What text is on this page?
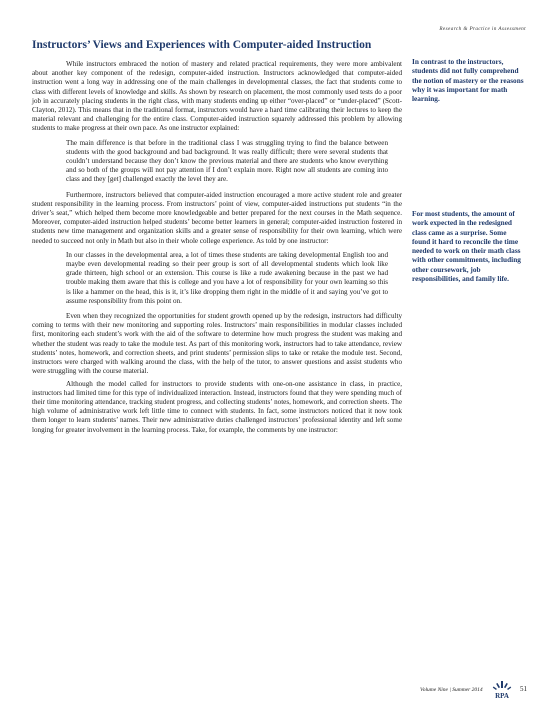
Research & Practice in Assessment
Instructors’ Views and Experiences with Computer-aided Instruction

While instructors embraced the notion of mastery and related practical requirements, they were more ambivalent about another key component of the redesign, computer-aided instruction. Instructors acknowledged that computer-aided instruction went a long way in addressing one of the main challenges in developmental classes, the fact that students come to class with different levels of knowledge and skills. As shown by research on placement, the most commonly used tests do a poor job in accurately placing students in the right class, with many students ending up either “over-placed” or “under-placed” (Scott-Clayton, 2012). This means that in the traditional format, instructors would have a hard time calibrating their lectures to keep the material relevant and challenging for the entire class. Computer-aided instruction squarely addressed this problem by allowing students to make progress at their own pace. As one instructor explained:

The main difference is that before in the traditional class I was struggling trying to find the balance between students with the good background and bad background. It was really difficult; there were several students that couldn’t understand because they don’t know the previous material and there are students who know everything and so both of the groups will not pay attention if I don’t explain more. Right now all students are coming into class and they [get] challenged exactly the level they are.

Furthermore, instructors believed that computer-aided instruction encouraged a more active student role and greater student responsibility in the learning process. From instructors’ point of view, computer-aided instructions put students “in the driver’s seat,” which helped them become more knowledgeable and better prepared for the next courses in the Math sequence. Moreover, computer-aided instruction helped students’ become better learners in general; computer-aided instruction fostered in students new time management and organization skills and a greater sense of responsibility for their own learning, which were needed to succeed not only in Math but also in their whole college experience. As told by one instructor:

In our classes in the developmental area, a lot of times these students are taking developmental English too and maybe even developmental reading so their peer group is sort of all developmental students which look like grade thirteen, high school or an extension. This course is like a rude awakening because in the past we had trouble making them aware that this is college and you have a lot of responsibility for your own learning so this is like a hammer on the head, this is it, it’s like dropping them right in the middle of it and saying you’ve got to assume responsibility from this point on.

Even when they recognized the opportunities for student growth opened up by the redesign, instructors had difficulty coming to terms with their new monitoring and supporting roles. Instructors’ main responsibilities in modular classes included first, monitoring each student’s work with the aid of the software to determine how much progress the student was making and whether the student was ready to take the module test. As part of this monitoring work, instructors had to take attendance, review students’ notes, homework, and correction sheets, and print students’ permission slips to take or retake the module test. Second, instructors were charged with walking around the class, with the help of the tutor, to answer questions and assist students who were struggling with the course material.

Although the model called for instructors to provide students with one-on-one assistance in class, in practice, instructors had limited time for this type of individualized interaction. Instead, instructors found that they were spending much of their time monitoring attendance, tracking student progress, and collecting students’ notes, homework, and correction sheets. The high volume of administrative work left little time to connect with students. In fact, some instructors noticed that it now took them longer to learn students’ names. Their new administrative duties challenged instructors’ professional identity and left some longing for greater involvement in the learning process. Take, for example, the comments by one instructor:

In contrast to the instructors, students did not fully comprehend the notion of mastery or the reasons why it was important for math learning.
For most students, the amount of work expected in the redesigned class came as a surprise. Some found it hard to reconcile the time needed to work on their math class with other commitments, including other coursework, job responsibilities, and family life.
Volume Nine | Summer 2014
RPA
51
